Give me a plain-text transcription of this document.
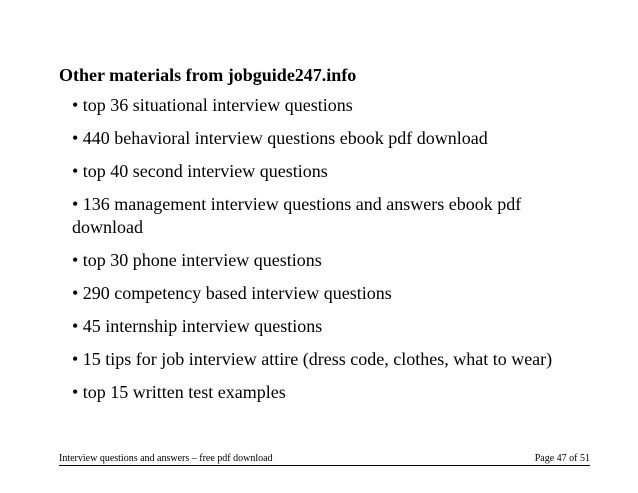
Other materials from jobguide247.info
• top 36 situational interview questions
• 440 behavioral interview questions ebook pdf download
• top 40 second interview questions
• 136 management interview questions and answers ebook pdf download
• top 30 phone interview questions
• 290 competency based interview questions
• 45 internship interview questions
• 15 tips for job interview attire (dress code, clothes, what to wear)
• top 15 written test examples
Interview questions and answers – free pdf download	Page 47 of 51
